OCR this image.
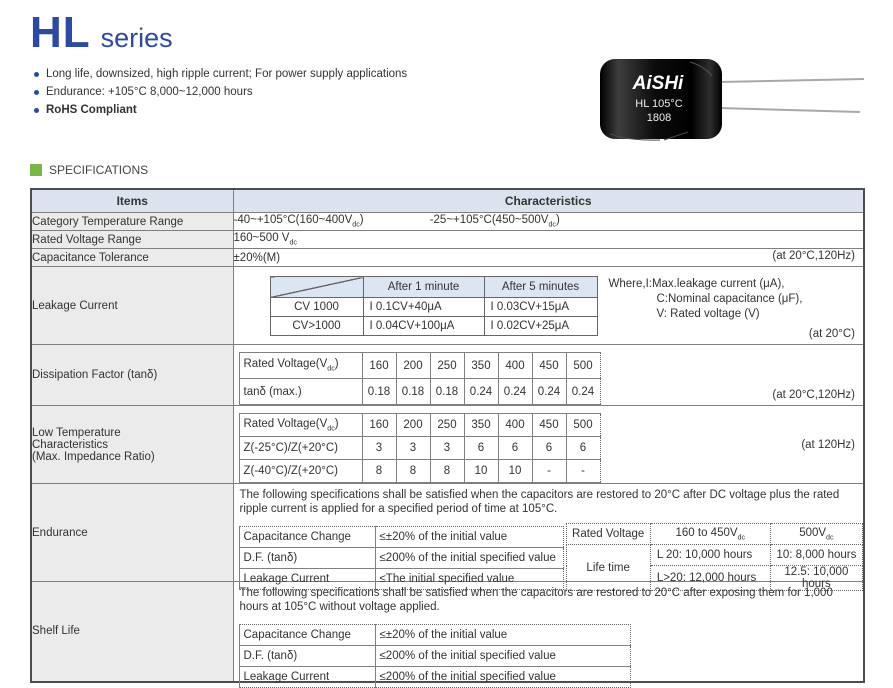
HL series
Long life, downsized, high ripple current; For power supply applications
Endurance: +105°C 8,000~12,000 hours
RoHS Compliant
AiSHi
HL 105°C
1808
SPECIFICATIONS
Items	Characteristics
Category Temperature Range	$-40\sim+105^\circ C(160\sim 400V_{dc})$	$-25\sim+105^\circ C(450\sim 500V_{dc})$
Rated Voltage Range	160~500 $V_{dc}$
Capacitance Tolerance	±20%(M)	(at 20°C,120Hz)

Leakage Current	
	After 1 minute	After 5 minutes
CV 1000	I 0.1CV+40μA	I 0.03CV+15μA
CV>1000	I 0.04CV+100μA	I 0.02CV+25μA
Where,I:Max.leakage current (μA),
C:Nominal capacitance (μF),
V: Rated voltage (V)
(at 20°C)

Dissipation Factor (tanδ)	
Rated $Voltage(V_{dc})$	160	200	250	350	400	450	500
tanδ (max.)	0.18	0.18	0.18	0.24	0.24	0.24	0.24	(at 20°C,120Hz)

Low Temperature
Characteristics
(Max. Impedance Ratio)

Rated $Voltage(V_{dc})$	160	200	250	350	400	450	500
Z(-25°C)/Z(+20°C)	3	3	3	6	6	6	6
Z(-40°C)/Z(+20°C)	8	8	8	10	10	-	-
(at 120Hz)

Endurance	
The following specifications shall be satisfied when the capacitors are restored to 20°C after DC voltage plus the rated ripple current is applied for a specified period of time at 105°C.
Capacitance Change	≤±20% of the initial value
D.F. (tanδ)	≤200% of the initial specified value
Leakage Current	≤The initial specified value
Rated Voltage	160 to $450V_{dc}$	$500V_{dc}$
Life time	L 20: 10,000 hours	10: 8,000 hours
L>20: 12,000 hours	12.5: 10,000 hours

Shelf Life	
The following specifications shall be satisfied when the capacitors are restored to 20°C after exposing them for 1,000 hours at 105°C without voltage applied.
Capacitance Change	≤±20% of the initial value
D.F. (tanδ)	≤200% of the initial specified value
Leakage Current	≤200% of the initial specified value
